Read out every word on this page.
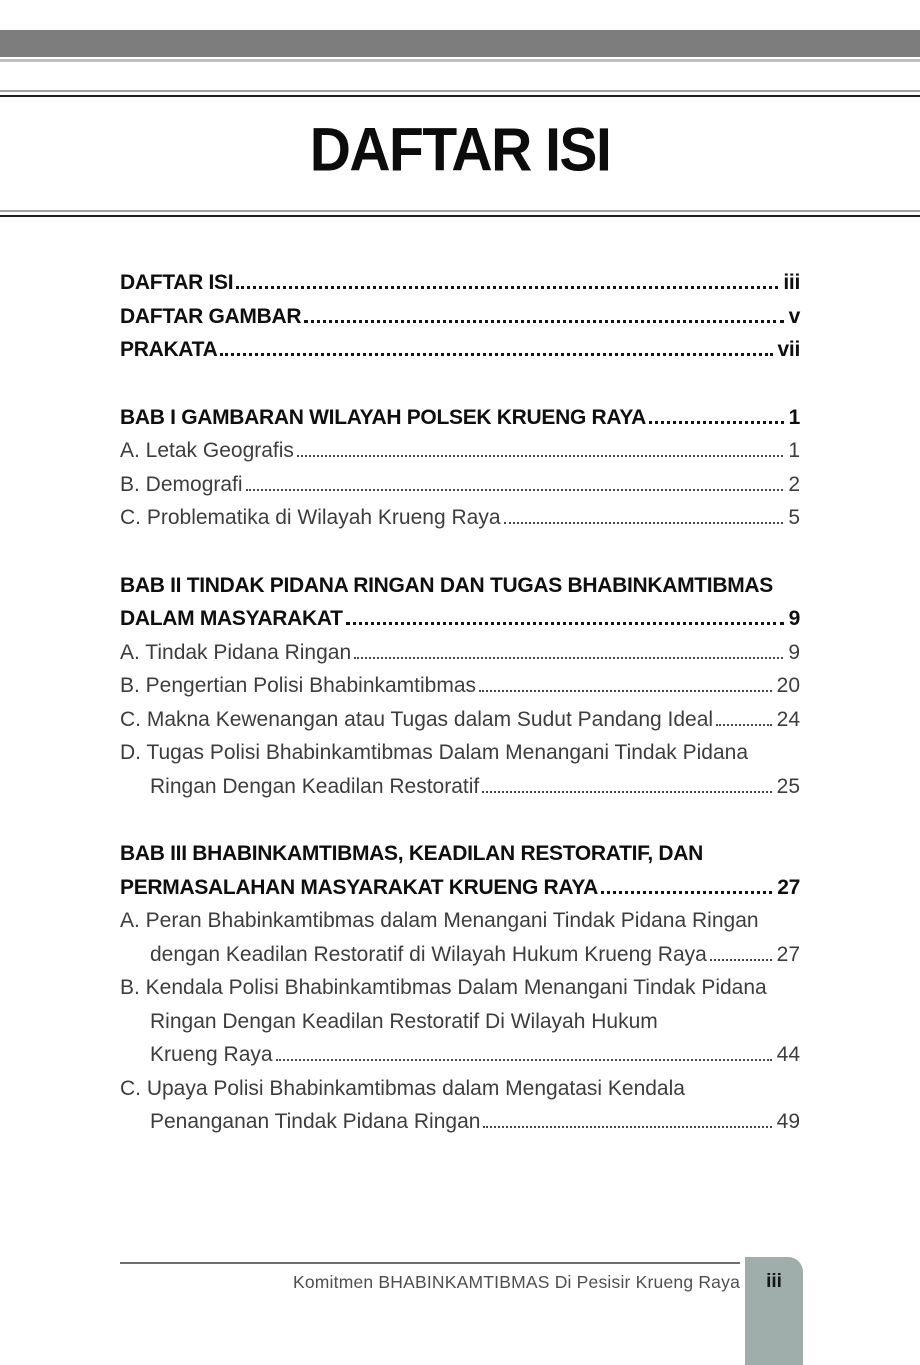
DAFTAR ISI
DAFTAR ISI	iii
DAFTAR GAMBAR	v
PRAKATA	vii
BAB I GAMBARAN WILAYAH POLSEK KRUENG RAYA	1
A. Letak Geografis	1
B. Demografi	2
C. Problematika di Wilayah Krueng Raya	5
BAB II TINDAK PIDANA RINGAN DAN TUGAS BHABINKAMTIBMAS
DALAM MASYARAKAT	9
A. Tindak Pidana Ringan	9
B. Pengertian Polisi Bhabinkamtibmas	20
C. Makna Kewenangan atau Tugas dalam Sudut Pandang Ideal	24
D. Tugas Polisi Bhabinkamtibmas Dalam Menangani Tindak Pidana
Ringan Dengan Keadilan Restoratif	25
BAB III BHABINKAMTIBMAS, KEADILAN RESTORATIF, DAN
PERMASALAHAN MASYARAKAT KRUENG RAYA	27
A. Peran Bhabinkamtibmas dalam Menangani Tindak Pidana Ringan
dengan Keadilan Restoratif di Wilayah Hukum Krueng Raya	27
B. Kendala Polisi Bhabinkamtibmas Dalam Menangani Tindak Pidana
Ringan Dengan Keadilan Restoratif Di Wilayah Hukum
Krueng Raya	44
C. Upaya Polisi Bhabinkamtibmas dalam Mengatasi Kendala
Penanganan Tindak Pidana Ringan	49
Komitmen BHABINKAMTIBMAS Di Pesisir Krueng Raya	iii
